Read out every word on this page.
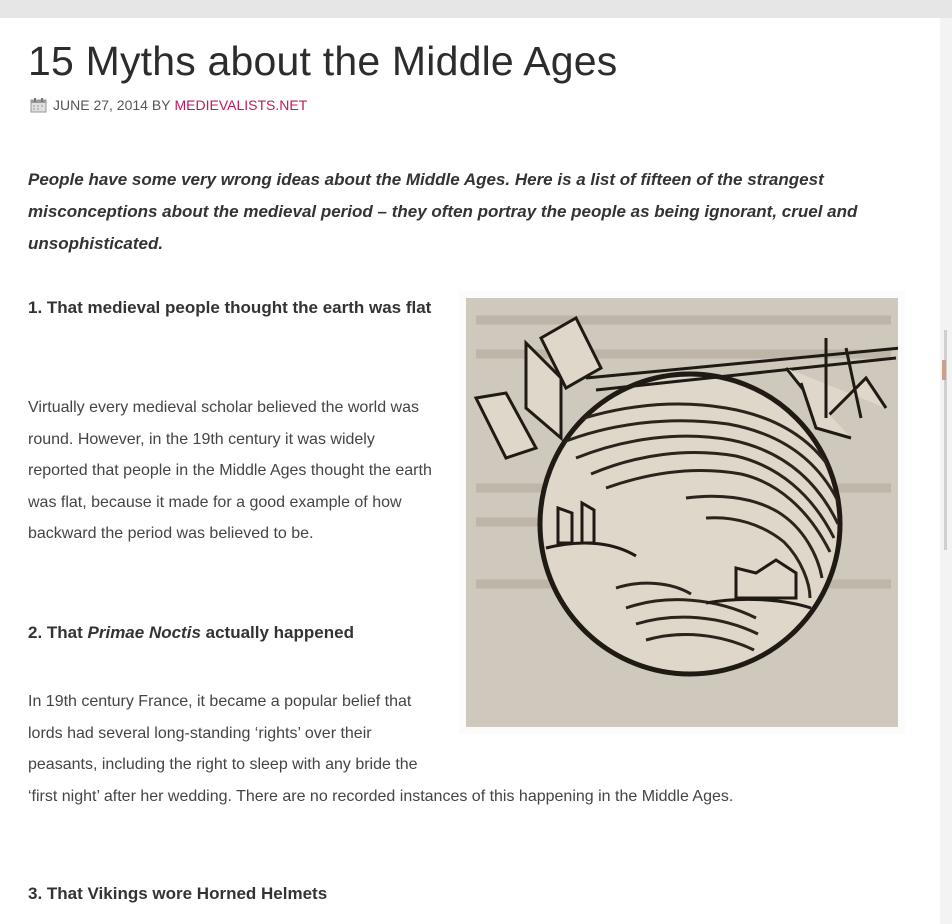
15 Myths about the Middle Ages
JUNE 27, 2014 BY MEDIEVALISTS.NET

People have some very wrong ideas about the Middle Ages. Here is a list of fifteen of the strangest misconceptions about the medieval period – they often portray the people as being ignorant, cruel and unsophisticated.

1. That medieval people thought the earth was flat

Virtually every medieval scholar believed the world was round. However, in the 19th century it was widely reported that people in the Middle Ages thought the earth was flat, because it made for a good example of how backward the period was believed to be.

2. That Primae Noctis actually happened

In 19th century France, it became a popular belief that lords had several long-standing ‘rights’ over their peasants, including the right to sleep with any bride the ‘first night’ after her wedding. There are no recorded instances of this happening in the Middle Ages.

3. That Vikings wore Horned Helmets
